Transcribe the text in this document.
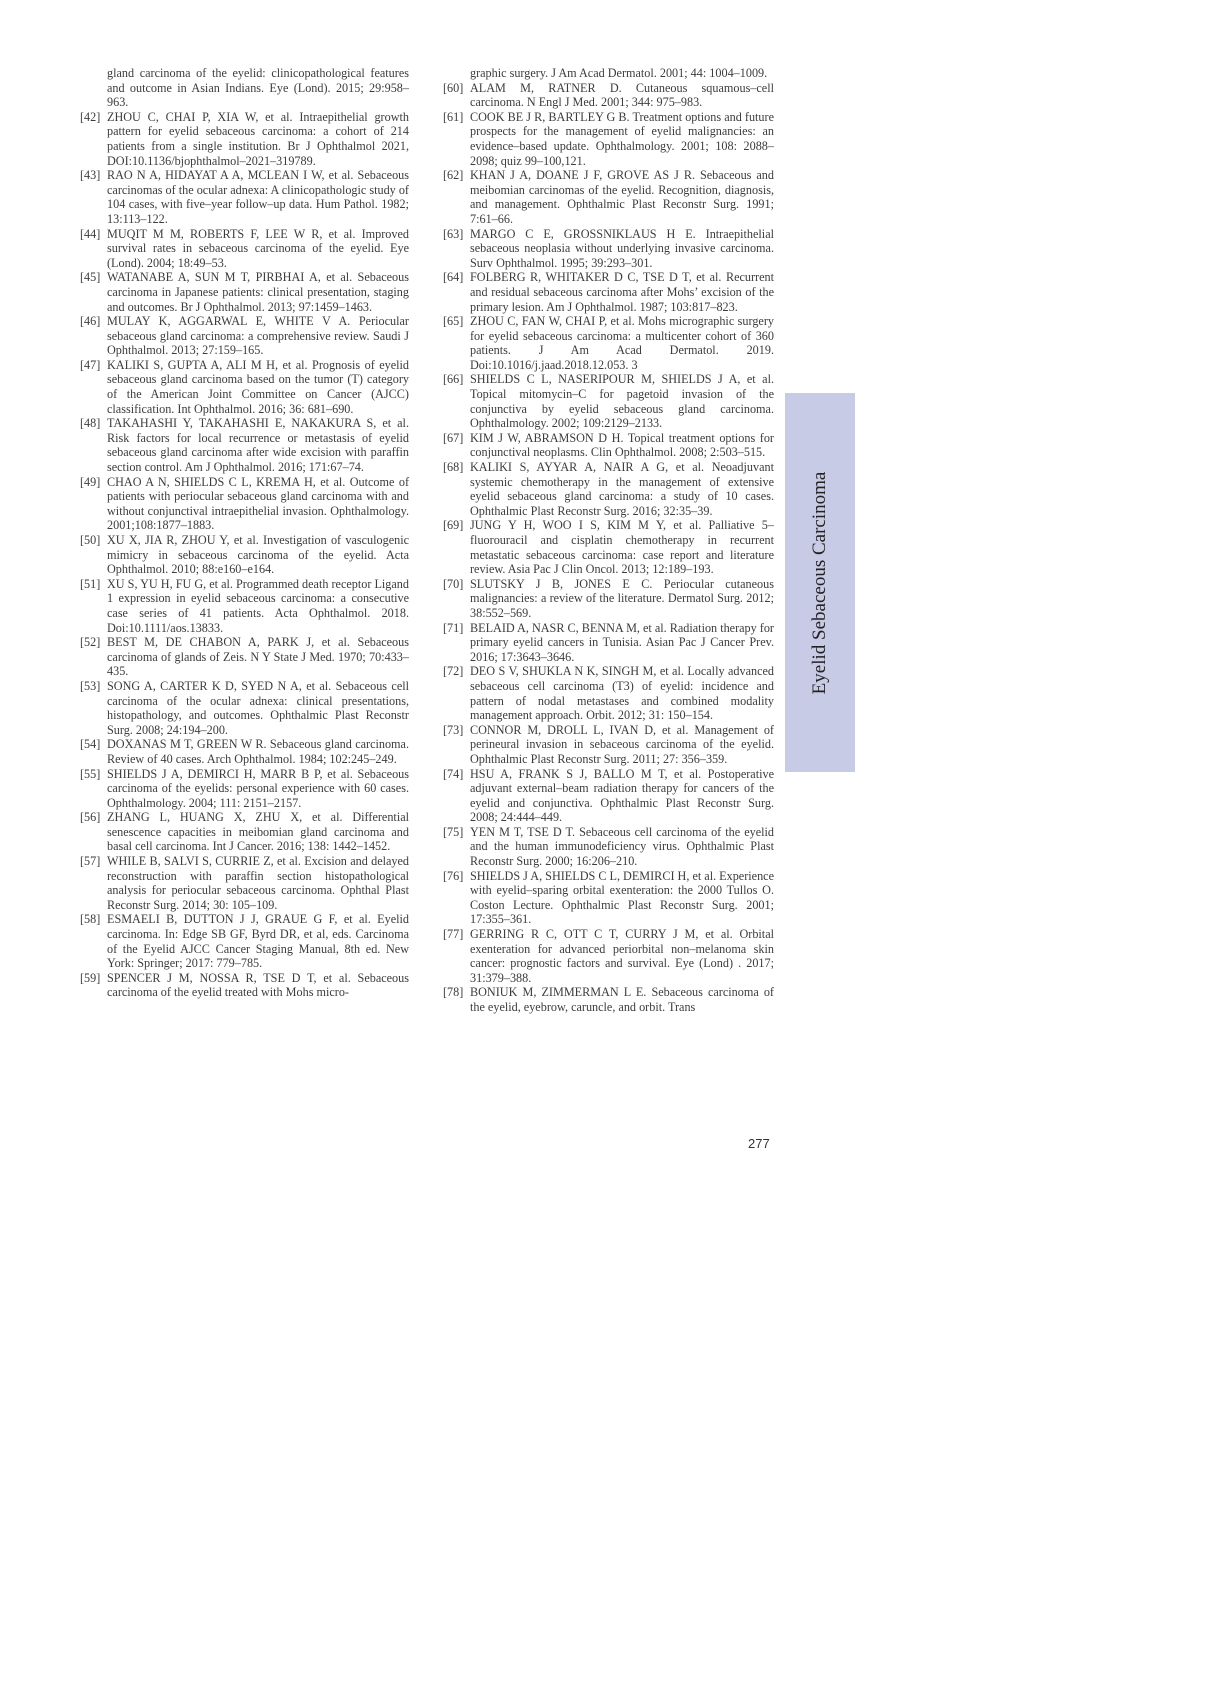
gland carcinoma of the eyelid: clinicopathological features and outcome in Asian Indians. Eye (Lond). 2015; 29:958–963.

[42] ZHOU C, CHAI P, XIA W, et al. Intraepithelial growth pattern for eyelid sebaceous carcinoma: a cohort of 214 patients from a single institution. Br J Ophthalmol 2021, DOI:10.1136/bjophthalmol–2021–319789.

[43] RAO N A, HIDAYAT A A, MCLEAN I W, et al. Sebaceous carcinomas of the ocular adnexa: A clinicopathologic study of 104 cases, with five–year follow–up data. Hum Pathol. 1982; 13:113–122.

[44] MUQIT M M, ROBERTS F, LEE W R, et al. Improved survival rates in sebaceous carcinoma of the eyelid. Eye (Lond). 2004; 18:49–53.

[45] WATANABE A, SUN M T, PIRBHAI A, et al. Sebaceous carcinoma in Japanese patients: clinical presentation, staging and outcomes. Br J Ophthalmol. 2013; 97:1459–1463.

[46] MULAY K, AGGARWAL E, WHITE V A. Periocular sebaceous gland carcinoma: a comprehensive review. Saudi J Ophthalmol. 2013; 27:159–165.

[47] KALIKI S, GUPTA A, ALI M H, et al. Prognosis of eyelid sebaceous gland carcinoma based on the tumor (T) category of the American Joint Committee on Cancer (AJCC) classification. Int Ophthalmol. 2016; 36: 681–690.

[48] TAKAHASHI Y, TAKAHASHI E, NAKAKURA S, et al. Risk factors for local recurrence or metastasis of eyelid sebaceous gland carcinoma after wide excision with paraffin section control. Am J Ophthalmol. 2016; 171:67–74.

[49] CHAO A N, SHIELDS C L, KREMA H, et al. Outcome of patients with periocular sebaceous gland carcinoma with and without conjunctival intraepithelial invasion. Ophthalmology. 2001;108:1877–1883.

[50] XU X, JIA R, ZHOU Y, et al. Investigation of vasculogenic mimicry in sebaceous carcinoma of the eyelid. Acta Ophthalmol. 2010; 88:e160–e164.

[51] XU S, YU H, FU G, et al. Programmed death receptor Ligand 1 expression in eyelid sebaceous carcinoma: a consecutive case series of 41 patients. Acta Ophthalmol. 2018. Doi:10.1111/aos.13833.

[52] BEST M, DE CHABON A, PARK J, et al. Sebaceous carcinoma of glands of Zeis. N Y State J Med. 1970; 70:433–435.

[53] SONG A, CARTER K D, SYED N A, et al. Sebaceous cell carcinoma of the ocular adnexa: clinical presentations, histopathology, and outcomes. Ophthalmic Plast Reconstr Surg. 2008; 24:194–200.

[54] DOXANAS M T, GREEN W R. Sebaceous gland carcinoma. Review of 40 cases. Arch Ophthalmol. 1984; 102:245–249.

[55] SHIELDS J A, DEMIRCI H, MARR B P, et al. Sebaceous carcinoma of the eyelids: personal experience with 60 cases. Ophthalmology. 2004; 111: 2151–2157.

[56] ZHANG L, HUANG X, ZHU X, et al. Differential senescence capacities in meibomian gland carcinoma and basal cell carcinoma. Int J Cancer. 2016; 138: 1442–1452.

[57] WHILE B, SALVI S, CURRIE Z, et al. Excision and delayed reconstruction with paraffin section histopathological analysis for periocular sebaceous carcinoma. Ophthal Plast Reconstr Surg. 2014; 30: 105–109.

[58] ESMAELI B, DUTTON J J, GRAUE G F, et al. Eyelid carcinoma. In: Edge SB GF, Byrd DR, et al, eds. Carcinoma of the Eyelid AJCC Cancer Staging Manual, 8th ed. New York: Springer; 2017: 779–785.

[59] SPENCER J M, NOSSA R, TSE D T, et al. Sebaceous carcinoma of the eyelid treated with Mohs micro-

graphic surgery. J Am Acad Dermatol. 2001; 44: 1004–1009.

[60] ALAM M, RATNER D. Cutaneous squamous–cell carcinoma. N Engl J Med. 2001; 344: 975–983.

[61] COOK BE J R, BARTLEY G B. Treatment options and future prospects for the management of eyelid malignancies: an evidence–based update. Ophthalmology. 2001; 108: 2088–2098; quiz 99–100,121.

[62] KHAN J A, DOANE J F, GROVE AS J R. Sebaceous and meibomian carcinomas of the eyelid. Recognition, diagnosis, and management. Ophthalmic Plast Reconstr Surg. 1991; 7:61–66.

[63] MARGO C E, GROSSNIKLAUS H E. Intraepithelial sebaceous neoplasia without underlying invasive carcinoma. Surv Ophthalmol. 1995; 39:293–301.

[64] FOLBERG R, WHITAKER D C, TSE D T, et al. Recurrent and residual sebaceous carcinoma after Mohs’ excision of the primary lesion. Am J Ophthalmol. 1987; 103:817–823.

[65] ZHOU C, FAN W, CHAI P, et al. Mohs micrographic surgery for eyelid sebaceous carcinoma: a multicenter cohort of 360 patients. J Am Acad Dermatol. 2019. Doi:10.1016/j.jaad.2018.12.053. 3

[66] SHIELDS C L, NASERIPOUR M, SHIELDS J A, et al. Topical mitomycin–C for pagetoid invasion of the conjunctiva by eyelid sebaceous gland carcinoma. Ophthalmology. 2002; 109:2129–2133.

[67] KIM J W, ABRAMSON D H. Topical treatment options for conjunctival neoplasms. Clin Ophthalmol. 2008; 2:503–515.

[68] KALIKI S, AYYAR A, NAIR A G, et al. Neoadjuvant systemic chemotherapy in the management of extensive eyelid sebaceous gland carcinoma: a study of 10 cases. Ophthalmic Plast Reconstr Surg. 2016; 32:35–39.

[69] JUNG Y H, WOO I S, KIM M Y, et al. Palliative 5–fluorouracil and cisplatin chemotherapy in recurrent metastatic sebaceous carcinoma: case report and literature review. Asia Pac J Clin Oncol. 2013; 12:189–193.

[70] SLUTSKY J B, JONES E C. Periocular cutaneous malignancies: a review of the literature. Dermatol Surg. 2012; 38:552–569.

[71] BELAID A, NASR C, BENNA M, et al. Radiation therapy for primary eyelid cancers in Tunisia. Asian Pac J Cancer Prev. 2016; 17:3643–3646.

[72] DEO S V, SHUKLA N K, SINGH M, et al. Locally advanced sebaceous cell carcinoma (T3) of eyelid: incidence and pattern of nodal metastases and combined modality management approach. Orbit. 2012; 31: 150–154.

[73] CONNOR M, DROLL L, IVAN D, et al. Management of perineural invasion in sebaceous carcinoma of the eyelid. Ophthalmic Plast Reconstr Surg. 2011; 27: 356–359.

[74] HSU A, FRANK S J, BALLO M T, et al. Postoperative adjuvant external–beam radiation therapy for cancers of the eyelid and conjunctiva. Ophthalmic Plast Reconstr Surg. 2008; 24:444–449.

[75] YEN M T, TSE D T. Sebaceous cell carcinoma of the eyelid and the human immunodeficiency virus. Ophthalmic Plast Reconstr Surg. 2000; 16:206–210.

[76] SHIELDS J A, SHIELDS C L, DEMIRCI H, et al. Experience with eyelid–sparing orbital exenteration: the 2000 Tullos O. Coston Lecture. Ophthalmic Plast Reconstr Surg. 2001; 17:355–361.

[77] GERRING R C, OTT C T, CURRY J M, et al. Orbital exenteration for advanced periorbital non–melanoma skin cancer: prognostic factors and survival. Eye (Lond) . 2017; 31:379–388.

[78] BONIUK M, ZIMMERMAN L E. Sebaceous carcinoma of the eyelid, eyebrow, caruncle, and orbit. Trans

Eyelid Sebaceous Carcinoma
277
